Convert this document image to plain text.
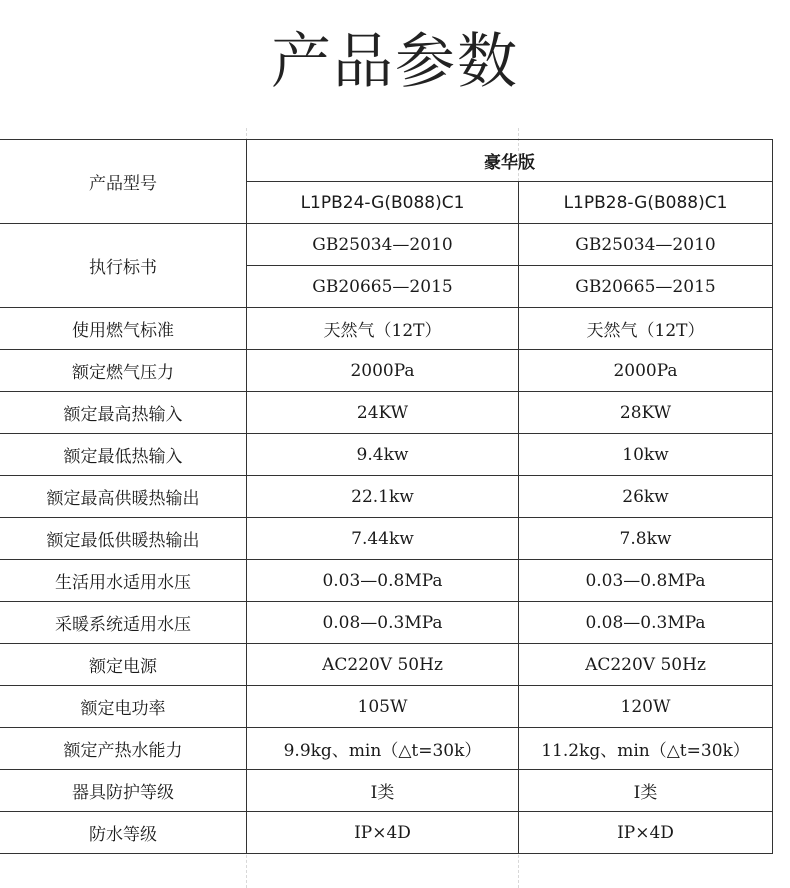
产品参数
产品型号	豪华版	
	L1PB24-G(B088)C1	L1PB28-G(B088)C1
执行标书	GB25034—2010	GB25034—2010
	GB20665—2015	GB20665—2015
使用燃气标准	天然气（12T）	天然气（12T）
额定燃气压力	2000Pa	2000Pa
额定最高热输入	24KW	28KW
额定最低热输入	9.4kw	10kw
额定最高供暖热输出	22.1kw	26kw
额定最低供暖热输出	7.44kw	7.8kw
生活用水适用水压	0.03—0.8MPa	0.03—0.8MPa
采暖系统适用水压	0.08—0.3MPa	0.08—0.3MPa
额定电源	AC220V 50Hz	AC220V 50Hz
额定电功率	105W	120W
额定产热水能力	9.9kg、min（△t=30k）	11.2kg、min（△t=30k）
器具防护等级	I类	I类
防水等级	IP×4D	IP×4D
